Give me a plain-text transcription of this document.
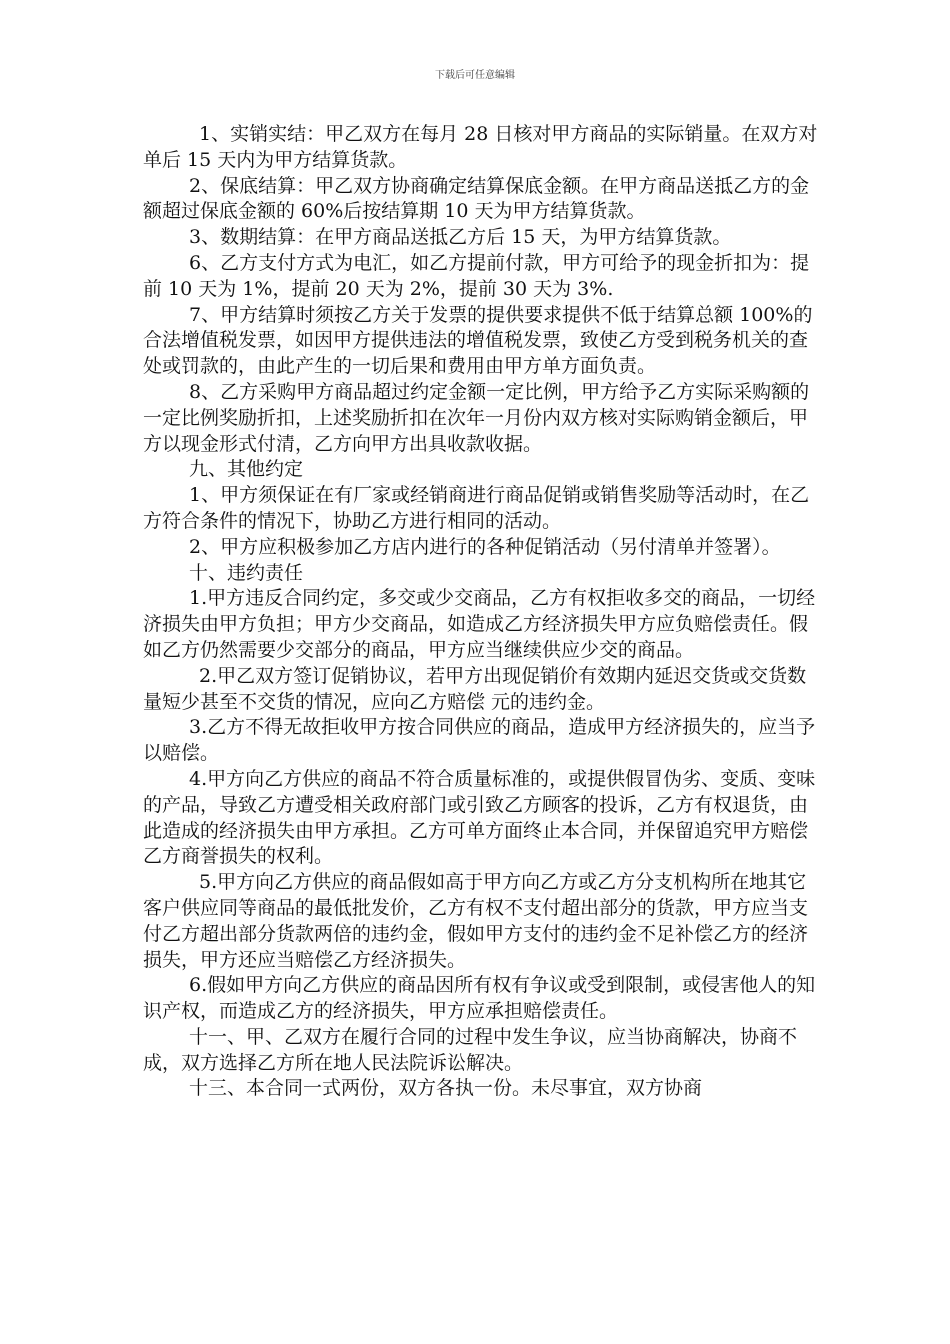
下载后可任意编辑

1、实销实结：甲乙双方在每月 28 日核对甲方商品的实际销量。在双方对单后 15 天内为甲方结算货款。

2、保底结算：甲乙双方协商确定结算保底金额。在甲方商品送抵乙方的金额超过保底金额的 60%后按结算期 10 天为甲方结算货款。

3、数期结算：在甲方商品送抵乙方后 15 天，为甲方结算货款。

6、乙方支付方式为电汇，如乙方提前付款，甲方可给予的现金折扣为：提前 10 天为 1%，提前 20 天为 2%，提前 30 天为 3%.

7、甲方结算时须按乙方关于发票的提供要求提供不低于结算总额 100%的合法增值税发票，如因甲方提供违法的增值税发票，致使乙方受到税务机关的查处或罚款的，由此产生的一切后果和费用由甲方单方面负责。

8、乙方采购甲方商品超过约定金额一定比例，甲方给予乙方实际采购额的一定比例奖励折扣，上述奖励折扣在次年一月份内双方核对实际购销金额后，甲方以现金形式付清，乙方向甲方出具收款收据。

九、其他约定

1、甲方须保证在有厂家或经销商进行商品促销或销售奖励等活动时，在乙方符合条件的情况下，协助乙方进行相同的活动。

2、甲方应积极参加乙方店内进行的各种促销活动（另付清单并签署）。

十、违约责任

1.甲方违反合同约定，多交或少交商品，乙方有权拒收多交的商品，一切经济损失由甲方负担；甲方少交商品，如造成乙方经济损失甲方应负赔偿责任。假如乙方仍然需要少交部分的商品，甲方应当继续供应少交的商品。

2.甲乙双方签订促销协议，若甲方出现促销价有效期内延迟交货或交货数量短少甚至不交货的情况，应向乙方赔偿 元的违约金。

3.乙方不得无故拒收甲方按合同供应的商品，造成甲方经济损失的，应当予以赔偿。

4.甲方向乙方供应的商品不符合质量标准的，或提供假冒伪劣、变质、变味的产品，导致乙方遭受相关政府部门或引致乙方顾客的投诉，乙方有权退货，由此造成的经济损失由甲方承担。乙方可单方面终止本合同，并保留追究甲方赔偿乙方商誉损失的权利。

5.甲方向乙方供应的商品假如高于甲方向乙方或乙方分支机构所在地其它客户供应同等商品的最低批发价，乙方有权不支付超出部分的货款，甲方应当支付乙方超出部分货款两倍的违约金，假如甲方支付的违约金不足补偿乙方的经济损失，甲方还应当赔偿乙方经济损失。

6.假如甲方向乙方供应的商品因所有权有争议或受到限制，或侵害他人的知识产权，而造成乙方的经济损失，甲方应承担赔偿责任。

十一、甲、乙双方在履行合同的过程中发生争议，应当协商解决，协商不成，双方选择乙方所在地人民法院诉讼解决。

十三、本合同一式两份，双方各执一份。未尽事宜，双方协商
